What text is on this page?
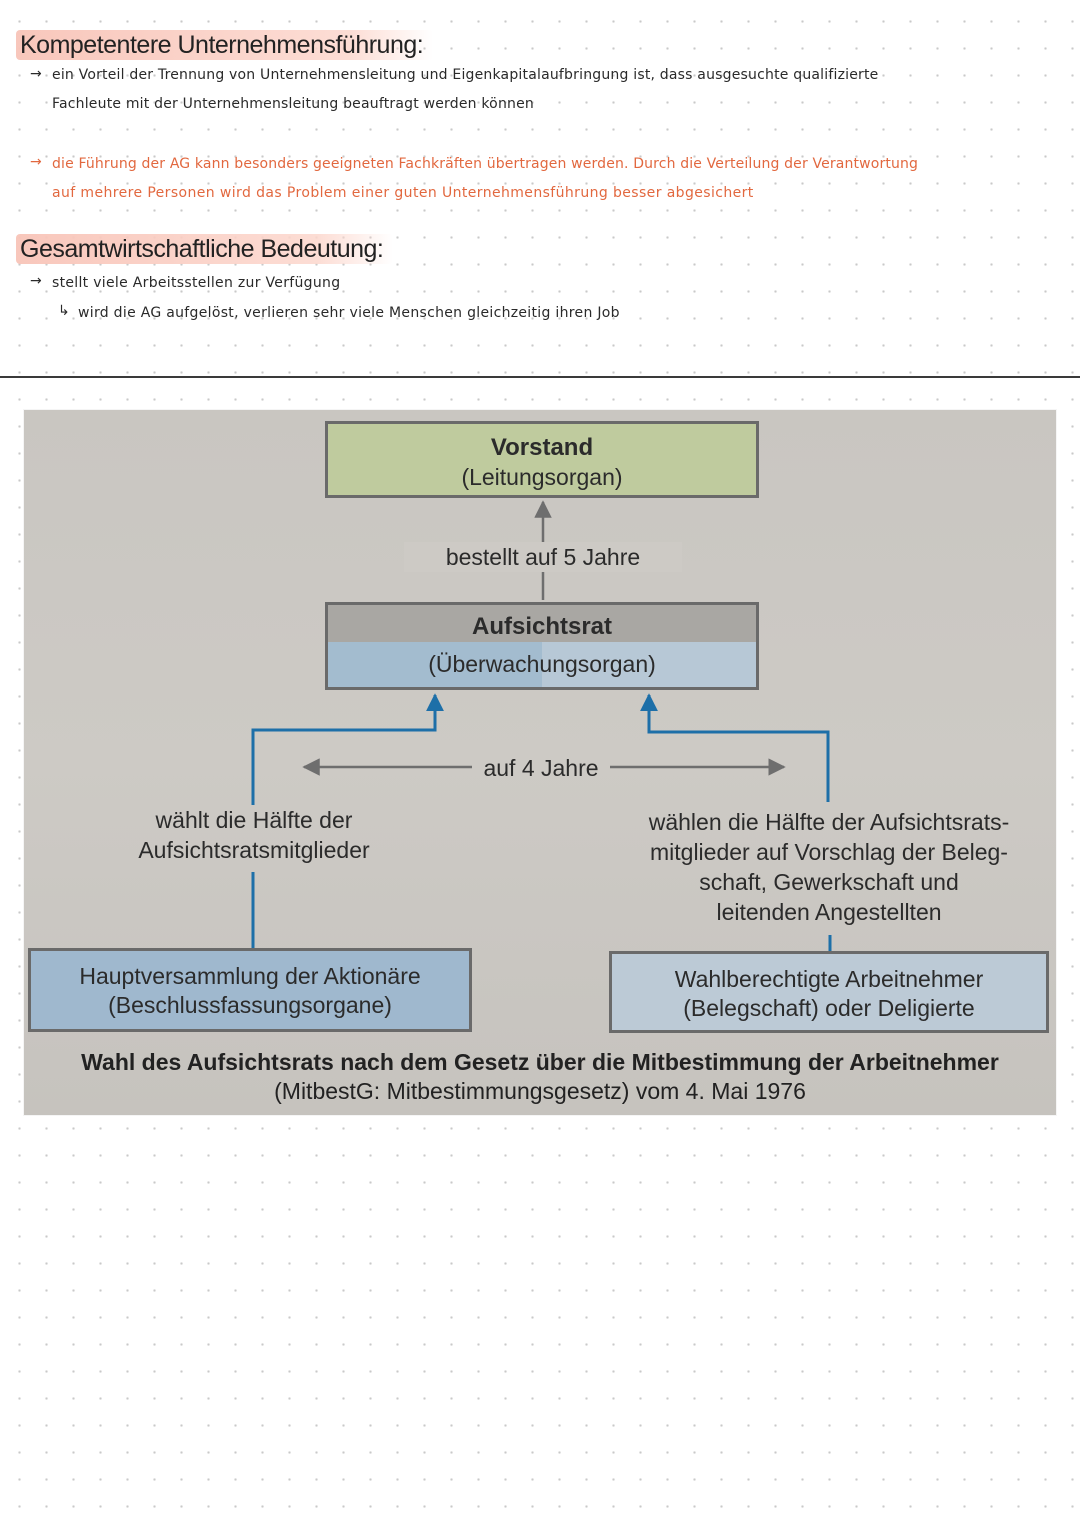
Kompetentere Unternehmensführung:
→ ein Vorteil der Trennung von Unternehmensleitung und Eigenkapitalaufbringung ist, dass ausgesuchte qualifizierte
Fachleute mit der Unternehmensleitung beauftragt werden können
→ die Führung der AG kann besonders geeigneten Fachkräften übertragen werden. Durch die Verteilung der Verantwortung
auf mehrere Personen wird das Problem einer guten Unternehmensführung besser abgesichert
Gesamtwirtschaftliche Bedeutung:
→ stellt viele Arbeitsstellen zur Verfügung
↳ wird die AG aufgelöst, verlieren sehr viele Menschen gleichzeitig ihren Job
Vorstand
(Leitungsorgan)
bestellt auf 5 Jahre
Aufsichtsrat
(Überwachungsorgan)
auf 4 Jahre
wählt die Hälfte der
Aufsichtsratsmitglieder
wählen die Hälfte der Aufsichtsrats-
mitglieder auf Vorschlag der Beleg-
schaft, Gewerkschaft und
leitenden Angestellten
Hauptversammlung der Aktionäre
(Beschlussfassungsorgane)
Wahlberechtigte Arbeitnehmer
(Belegschaft) oder Deligierte
Wahl des Aufsichtsrats nach dem Gesetz über die Mitbestimmung der Arbeitnehmer
(MitbestG: Mitbestimmungsgesetz) vom 4. Mai 1976
